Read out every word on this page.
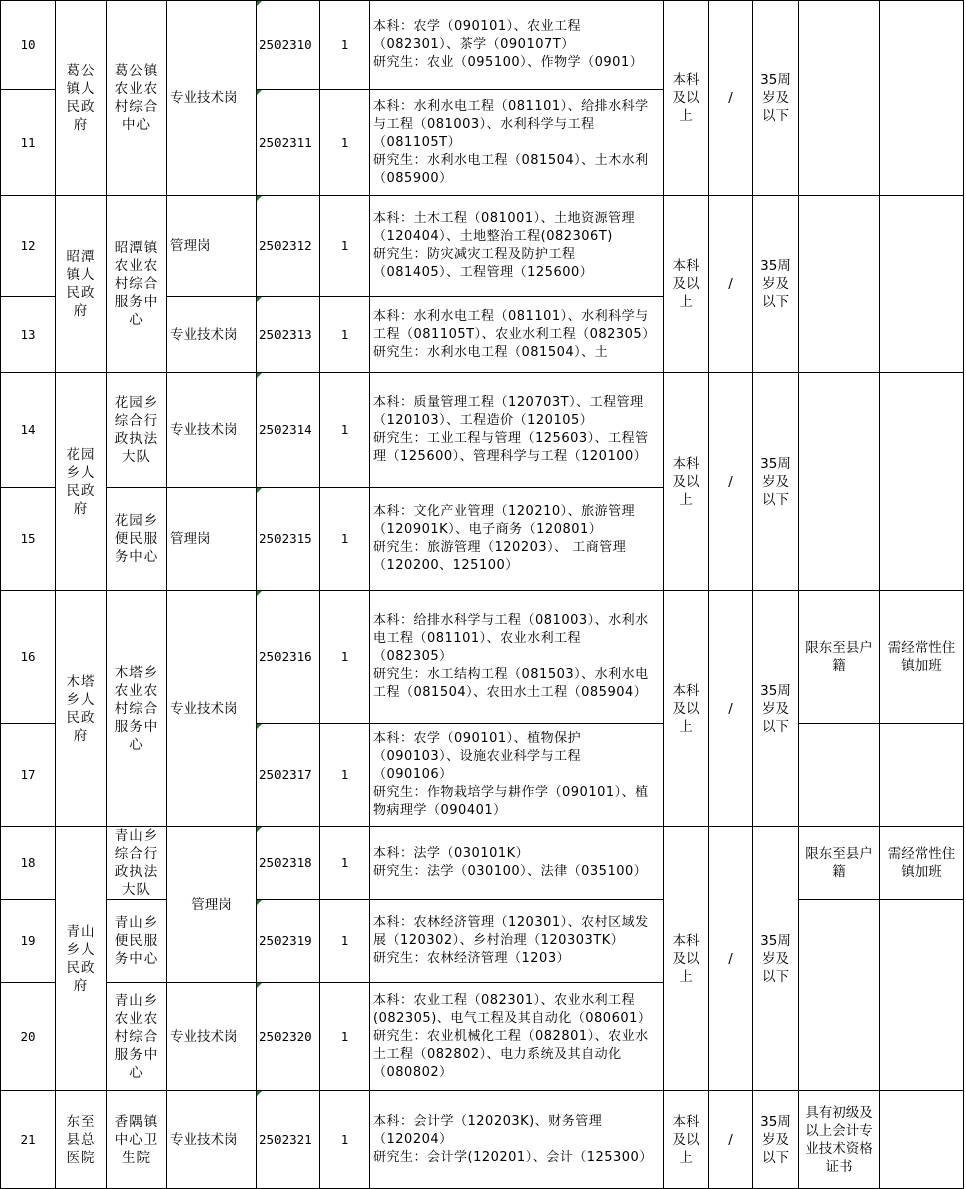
10	葛公镇人民政府	葛公镇农业农村综合中心	专业技术岗	2502310	1	本科：农学（090101）、农业工程（082301）、茶学（090107T）
研究生：农业（095100）、作物学（0901）	本科及以上	/	35周岁及以下		
11				2502311	1	本科：水利水电工程（081101）、给排水科学与工程（081003）、水利科学与工程（081105T）
研究生：水利水电工程（081504）、土木水利（085900）					
12	昭潭镇人民政府	昭潭镇农业农村综合服务中心	管理岗	2502312	1	本科：土木工程（081001）、土地资源管理（120404）、土地整治工程(082306T)
研究生：防灾减灾工程及防护工程（081405）、工程管理（125600）	本科及以上	/	35周岁及以下		
13			专业技术岗	2502313	1	本科：水利水电工程（081101）、水利科学与工程（081105T）、农业水利工程（082305）
研究生：水利水电工程（081504）、土					
14	花园乡人民政府	花园乡综合行政执法大队	专业技术岗	2502314	1	本科：质量管理工程（120703T）、工程管理（120103）、工程造价（120105）
研究生：工业工程与管理（125603）、工程管理（125600）、管理科学与工程（120100）	本科及以上	/	35周岁及以下		
15		花园乡便民服务中心	管理岗	2502315	1	本科：文化产业管理（120210）、旅游管理（120901K）、电子商务（120801）
研究生：旅游管理（120203）、 工商管理（120200、125100）					
16	木塔乡人民政府	木塔乡农业农村综合服务中心	专业技术岗	2502316	1	本科：给排水科学与工程（081003）、水利水电工程（081101）、农业水利工程（082305）
研究生：水工结构工程（081503）、水利水电工程（081504）、农田水土工程（085904）	本科及以上	/	35周岁及以下	限东至县户籍	需经常性住镇加班
17				2502317	1	本科：农学（090101）、植物保护（090103）、设施农业科学与工程（090106）
研究生：作物栽培学与耕作学（090101）、植物病理学（090401）					
18	青山乡人民政府	青山乡综合行政执法大队	管理岗	2502318	1	本科：法学（030101K）
研究生：法学（030100）、法律（035100）	本科及以上	/	35周岁及以下	限东至县户籍	需经常性住镇加班
19		青山乡便民服务中心		2502319	1	本科：农林经济管理（120301）、农村区域发展（120302）、乡村治理（120303TK）
研究生：农林经济管理（1203）					
20		青山乡农业农村综合服务中心	专业技术岗	2502320	1	本科：农业工程（082301）、农业水利工程(082305)、电气工程及其自动化（080601）
研究生：农业机械化工程（082801）、农业水土工程（082802）、电力系统及其自动化 （080802）					
21	东至县总医院	香隅镇中心卫生院	专业技术岗	2502321	1	本科：会计学（120203K)、财务管理（120204）
研究生：会计学(120201）、会计（125300）	本科及以上	/	35周岁及以下	具有初级及以上会计专业技术资格证书	
